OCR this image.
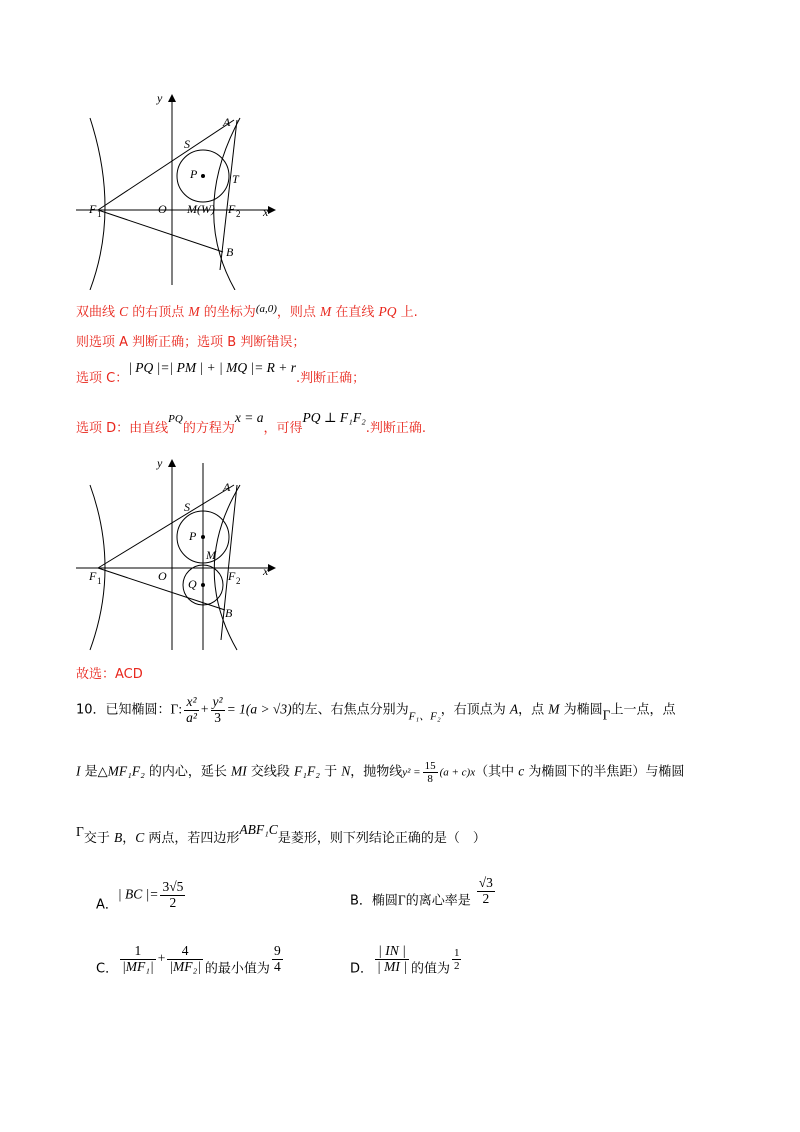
y
x
A
S
P	T
F 1	O M(W) F 2
B
双曲线 C 的右顶点 M 的坐标为$^{(a,0)}$，则点 M 在直线 PQ 上.
则选项 A 判断正确；选项 B 判断错误；
选项 C：| PQ |=| PM | + | MQ |= R + r.判断正确；
选项 D：由直线PQ的方程为x = a，可得PQ ⊥ F₁F₂.判断正确.
y
x
A
S
P
M
Q
F 1	O	F 2
B
故选：ACD
10．已知椭圆：Γ: $\frac{\text{x²}}{\text{a²}} + \frac{\text{y²}}{3} = 1(a > √3)$的左、右焦点分别为$_{F_1、F_2}$，右顶点为 A，点 M 为椭圆Γ上一点，点
I 是△MF₁F₂ 的内心，延长 MI 交线段 F₁F₂ 于 N，抛物线$y^2 = \frac{15}{8} (a + c)x$（其中 c 为椭圆下的半焦距）与椭圆
Γ交于 B，C 两点，若四边形ABF₁C是菱形，则下列结论正确的是（　）
A．| BC |= $\frac{3√5}{2}$	B．椭圆Γ的离心率是 $\frac{√3}{2}$
C． $\frac{1}{\text{|MF₁|}} + \frac{4}{\text{|MF₂|}}$ 的最小值为 $\frac{9}{4}$	D． $\frac{| IN |}{| MI |}$ 的值为 $\frac{1}{2}$
